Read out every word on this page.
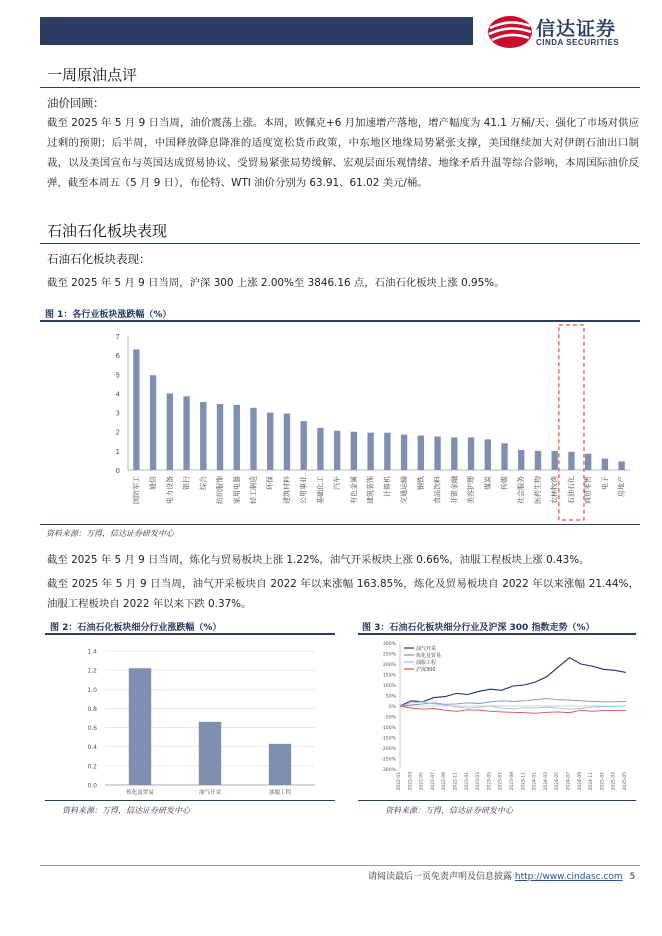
信达证券
CINDA SECURITIES
一周原油点评
油价回顾：
截至 2025 年 5 月 9 日当周，油价震荡上涨。本周，欧佩克+6 月加速增产落地，增产幅度为 41.1 万桶/天、强化了市场对供应过剩的预期；后半周，中国释放降息降准的适度宽松货币政策，中东地区地缘局势紧张支撑，美国继续加大对伊朗石油出口制裁，以及美国宣布与英国达成贸易协议、受贸易紧张局势缓解、宏观层面乐观情绪、地缘矛盾升温等综合影响，本周国际油价反弹，截至本周五（5 月 9 日），布伦特、WTI 油价分别为 63.91、61.02 美元/桶。
石油石化板块表现
石油石化板块表现：
截至 2025 年 5 月 9 日当周，沪深 300 上涨 2.00%至 3846.16 点，石油石化板块上涨 0.95%。
图 1：各行业板块涨跌幅（%）
0
1
2
3
4
5
6
7
国防军工 通信 电力设备 银行 综合 纺织服饰 家用电器 轻工制造 环保 建筑材料 公用事业 基础化工 汽车 有色金属 建筑装饰 计算机 交通运输 钢铁 食品饮料 非银金融 美容护理 煤炭 传媒 社会服务 医药生物 农林牧渔 石油石化 商贸零售 电子 房地产
资料来源：万得，信达证券研发中心
截至 2025 年 5 月 9 日当周，炼化与贸易板块上涨 1.22%，油气开采板块上涨 0.66%，油服工程板块上涨 0.43%。
截至 2025 年 5 月 9 日当周，油气开采板块自 2022 年以来涨幅 163.85%，炼化及贸易板块自 2022 年以来涨幅 21.44%，油服工程板块自 2022 年以来下跌 0.37%。
图 2：石油石化板块细分行业涨跌幅（%）
0.0
0.2
0.4
0.6
0.8
1.0
1.2
1.4
炼化及贸易	油气开采	油服工程
资料来源：万得，信达证券研发中心
图 3：石油石化板块细分行业及沪深 300 指数走势（%）
300%
250%
200%
150%
100%
50%
0%
-50%
-100%
-150%
-200%
-250%
-300%
2022-01 2022-03 2022-05 2022-07 2022-09 2022-11 2023-01 2023-03 2023-05 2023-07 2023-09 2023-11 2024-01 2024-03 2024-05 2024-07 2024-09 2024-11 2025-01 2025-03 2025-05
油气开采
炼化及贸易
油服工程
沪深300
资料来源：万得，信达证券研发中心
请阅读最后一页免责声明及信息披露 http://www.cindasc.com 5
